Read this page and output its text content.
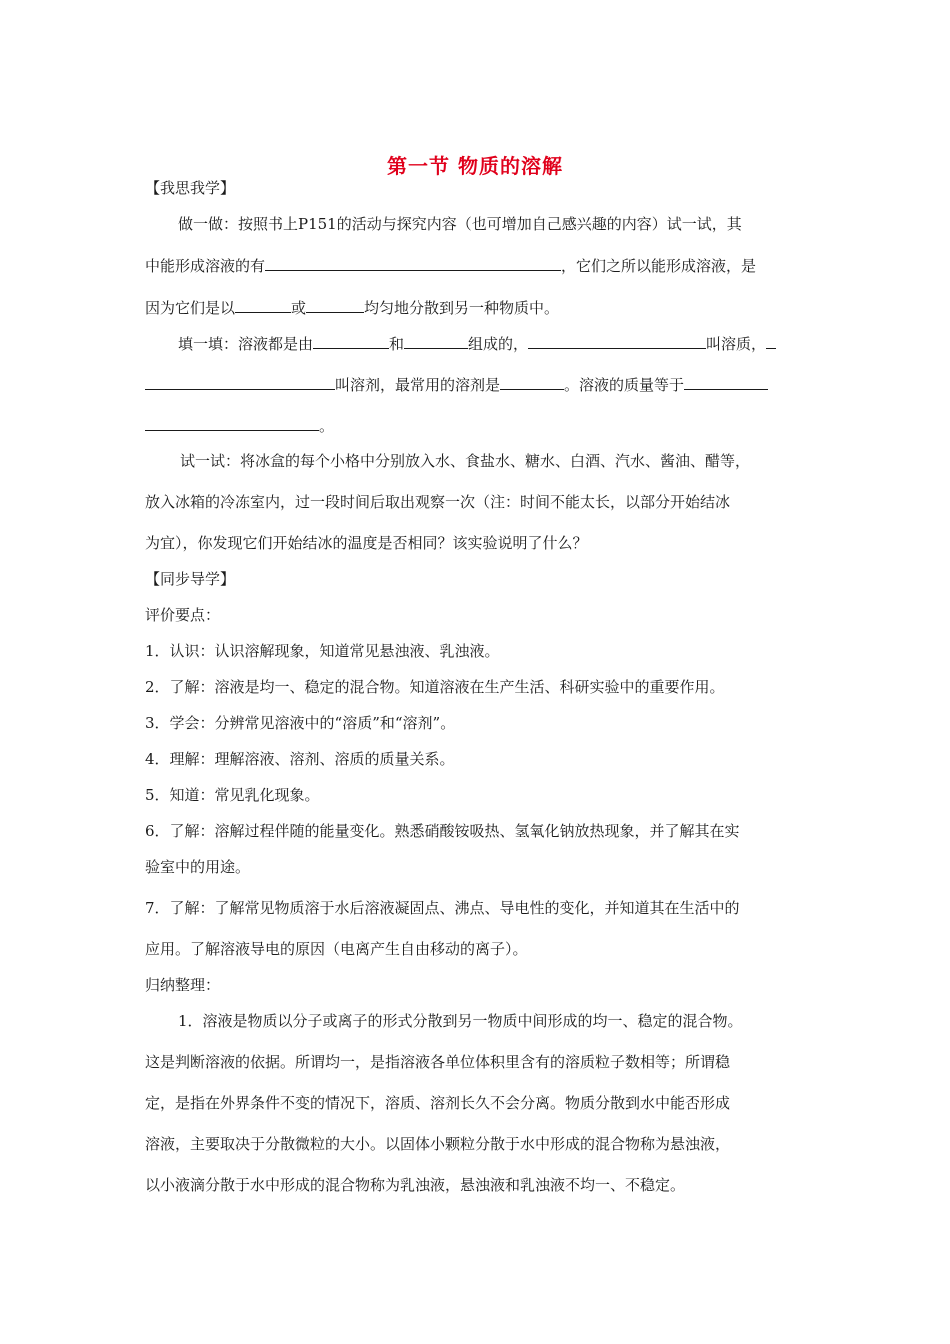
第一节 物质的溶解
【我思我学】
做一做：按照书上P151的活动与探究内容（也可增加自己感兴趣的内容）试一试，其
中能形成溶液的有	，它们之所以能形成溶液，是
因为它们是以	或	均匀地分散到另一种物质中。
填一填：溶液都是由	和	组成的，	叫溶质，
叫溶剂，最常用的溶剂是	。溶液的质量等于
。
试一试：将冰盒的每个小格中分别放入水、食盐水、糖水、白酒、汽水、酱油、醋等，
放入冰箱的冷冻室内，过一段时间后取出观察一次（注：时间不能太长，以部分开始结冰
为宜），你发现它们开始结冰的温度是否相同？该实验说明了什么？
【同步导学】
评价要点：
1．认识：认识溶解现象，知道常见悬浊液、乳浊液。
2．了解：溶液是均一、稳定的混合物。知道溶液在生产生活、科研实验中的重要作用。
3．学会：分辨常见溶液中的“溶质”和“溶剂”。
4．理解：理解溶液、溶剂、溶质的质量关系。
5．知道：常见乳化现象。
6．了解：溶解过程伴随的能量变化。熟悉硝酸铵吸热、氢氧化钠放热现象，并了解其在实
验室中的用途。
7．了解：了解常见物质溶于水后溶液凝固点、沸点、导电性的变化，并知道其在生活中的
应用。了解溶液导电的原因（电离产生自由移动的离子）。
归纳整理：
1．溶液是物质以分子或离子的形式分散到另一物质中间形成的均一、稳定的混合物。
这是判断溶液的依据。所谓均一，是指溶液各单位体积里含有的溶质粒子数相等；所谓稳
定，是指在外界条件不变的情况下，溶质、溶剂长久不会分离。物质分散到水中能否形成
溶液，主要取决于分散微粒的大小。以固体小颗粒分散于水中形成的混合物称为悬浊液，
以小液滴分散于水中形成的混合物称为乳浊液，悬浊液和乳浊液不均一、不稳定。
